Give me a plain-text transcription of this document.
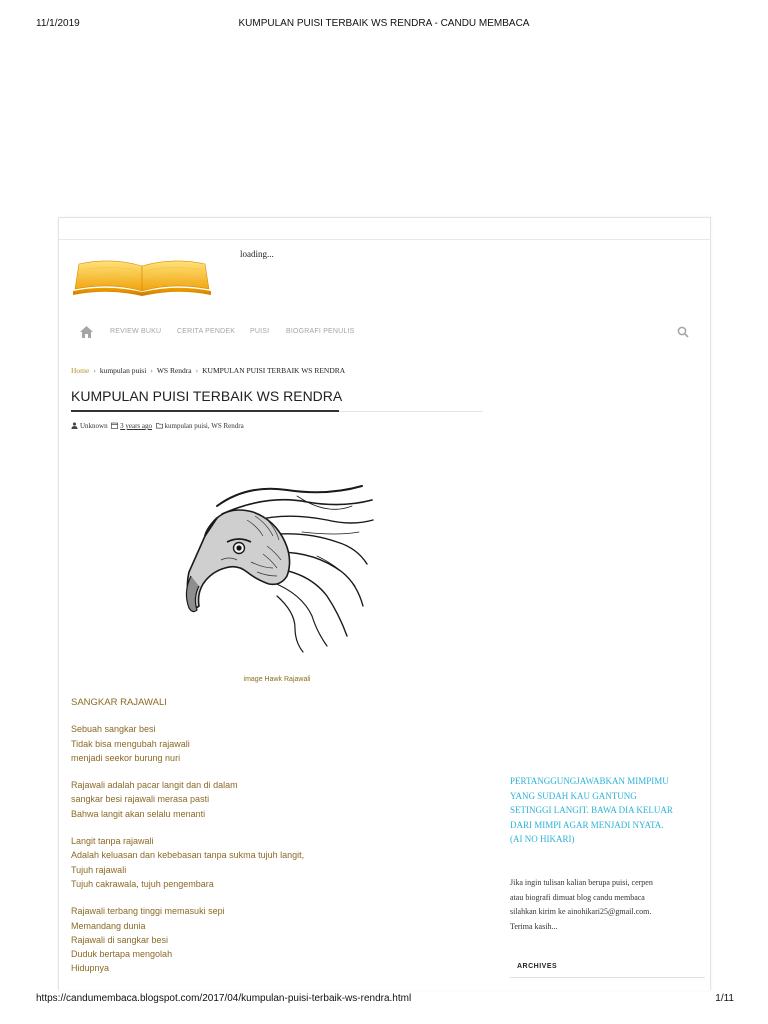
11/1/2019	KUMPULAN PUISI TERBAIK WS RENDRA - CANDU MEMBACA
loading...
REVIEW BUKU CERITA PENDEK PUISI BIOGRAFI PENULIS
Home › kumpulan puisi › WS Rendra › KUMPULAN PUISI TERBAIK WS RENDRA
KUMPULAN PUISI TERBAIK WS RENDRA
Unknown 3 years ago kumpulan puisi, WS Rendra
image Hawk Rajawali
SANGKAR RAJAWALI
Sebuah sangkar besi
Tidak bisa mengubah rajawali
menjadi seekor burung nuri
Rajawali adalah pacar langit dan di dalam
sangkar besi rajawali merasa pasti
Bahwa langit akan selalu menanti
Langit tanpa rajawali
Adalah keluasan dan kebebasan tanpa sukma tujuh langit,
Tujuh rajawali
Tujuh cakrawala, tujuh pengembara
Rajawali terbang tinggi memasuki sepi
Memandang dunia
Rajawali di sangkar besi
Duduk bertapa mengolah
Hidupnya
PERTANGGUNGJAWABKAN MIMPIMU
YANG SUDAH KAU GANTUNG
SETINGGI LANGIT. BAWA DIA KELUAR
DARI MIMPI AGAR MENJADI NYATA.
(AI NO HIKARI)
Jika ingin tulisan kalian berupa puisi, cerpen
atau biografi dimuat blog candu membaca
silahkan kirim ke ainohikari25@gmail.com.
Terima kasih...
ARCHIVES
https://candumembaca.blogspot.com/2017/04/kumpulan-puisi-terbaik-ws-rendra.html	1/11
